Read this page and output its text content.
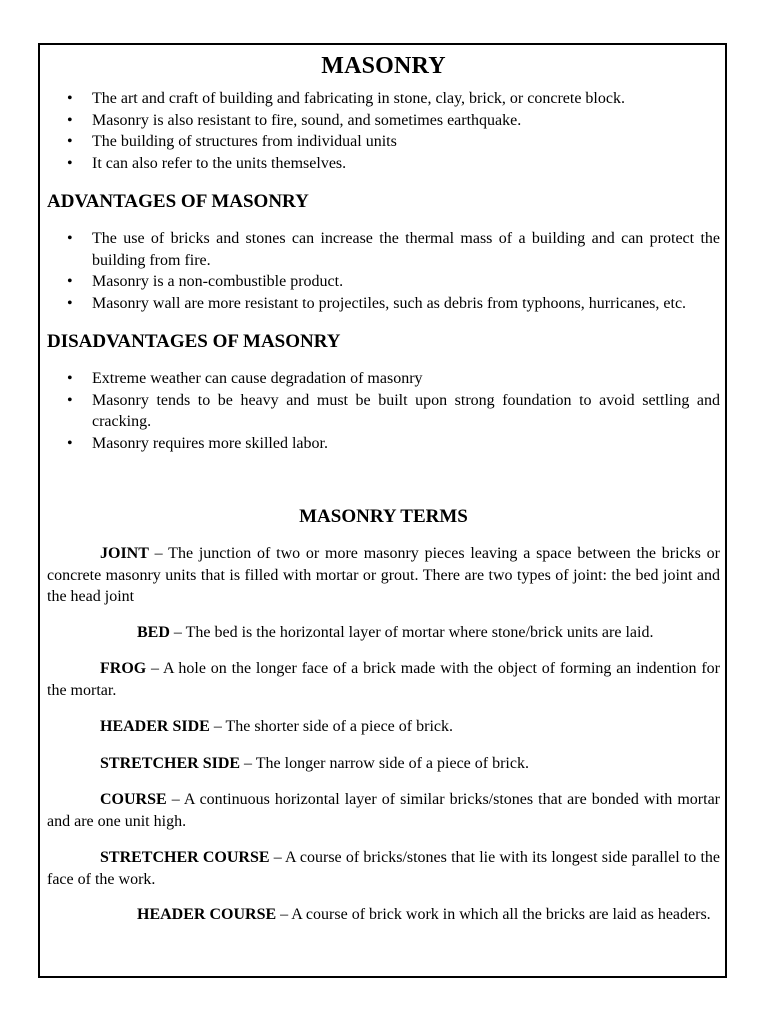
MASONRY
• The art and craft of building and fabricating in stone, clay, brick, or concrete block.
• Masonry is also resistant to fire, sound, and sometimes earthquake.
• The building of structures from individual units
• It can also refer to the units themselves.
ADVANTAGES OF MASONRY
• The use of bricks and stones can increase the thermal mass of a building and can protect the building from fire.
• Masonry is a non-combustible product.
• Masonry wall are more resistant to projectiles, such as debris from typhoons, hurricanes, etc.
DISADVANTAGES OF MASONRY
• Extreme weather can cause degradation of masonry
• Masonry tends to be heavy and must be built upon strong foundation to avoid settling and cracking.
• Masonry requires more skilled labor.
MASONRY TERMS

JOINT – The junction of two or more masonry pieces leaving a space between the bricks or concrete masonry units that is filled with mortar or grout. There are two types of joint: the bed joint and the head joint

BED – The bed is the horizontal layer of mortar where stone/brick units are laid.

FROG – A hole on the longer face of a brick made with the object of forming an indention for the mortar.

HEADER SIDE – The shorter side of a piece of brick.

STRETCHER SIDE – The longer narrow side of a piece of brick.

COURSE – A continuous horizontal layer of similar bricks/stones that are bonded with mortar and are one unit high.

STRETCHER COURSE – A course of bricks/stones that lie with its longest side parallel to the face of the work.

HEADER COURSE – A course of brick work in which all the bricks are laid as headers.
